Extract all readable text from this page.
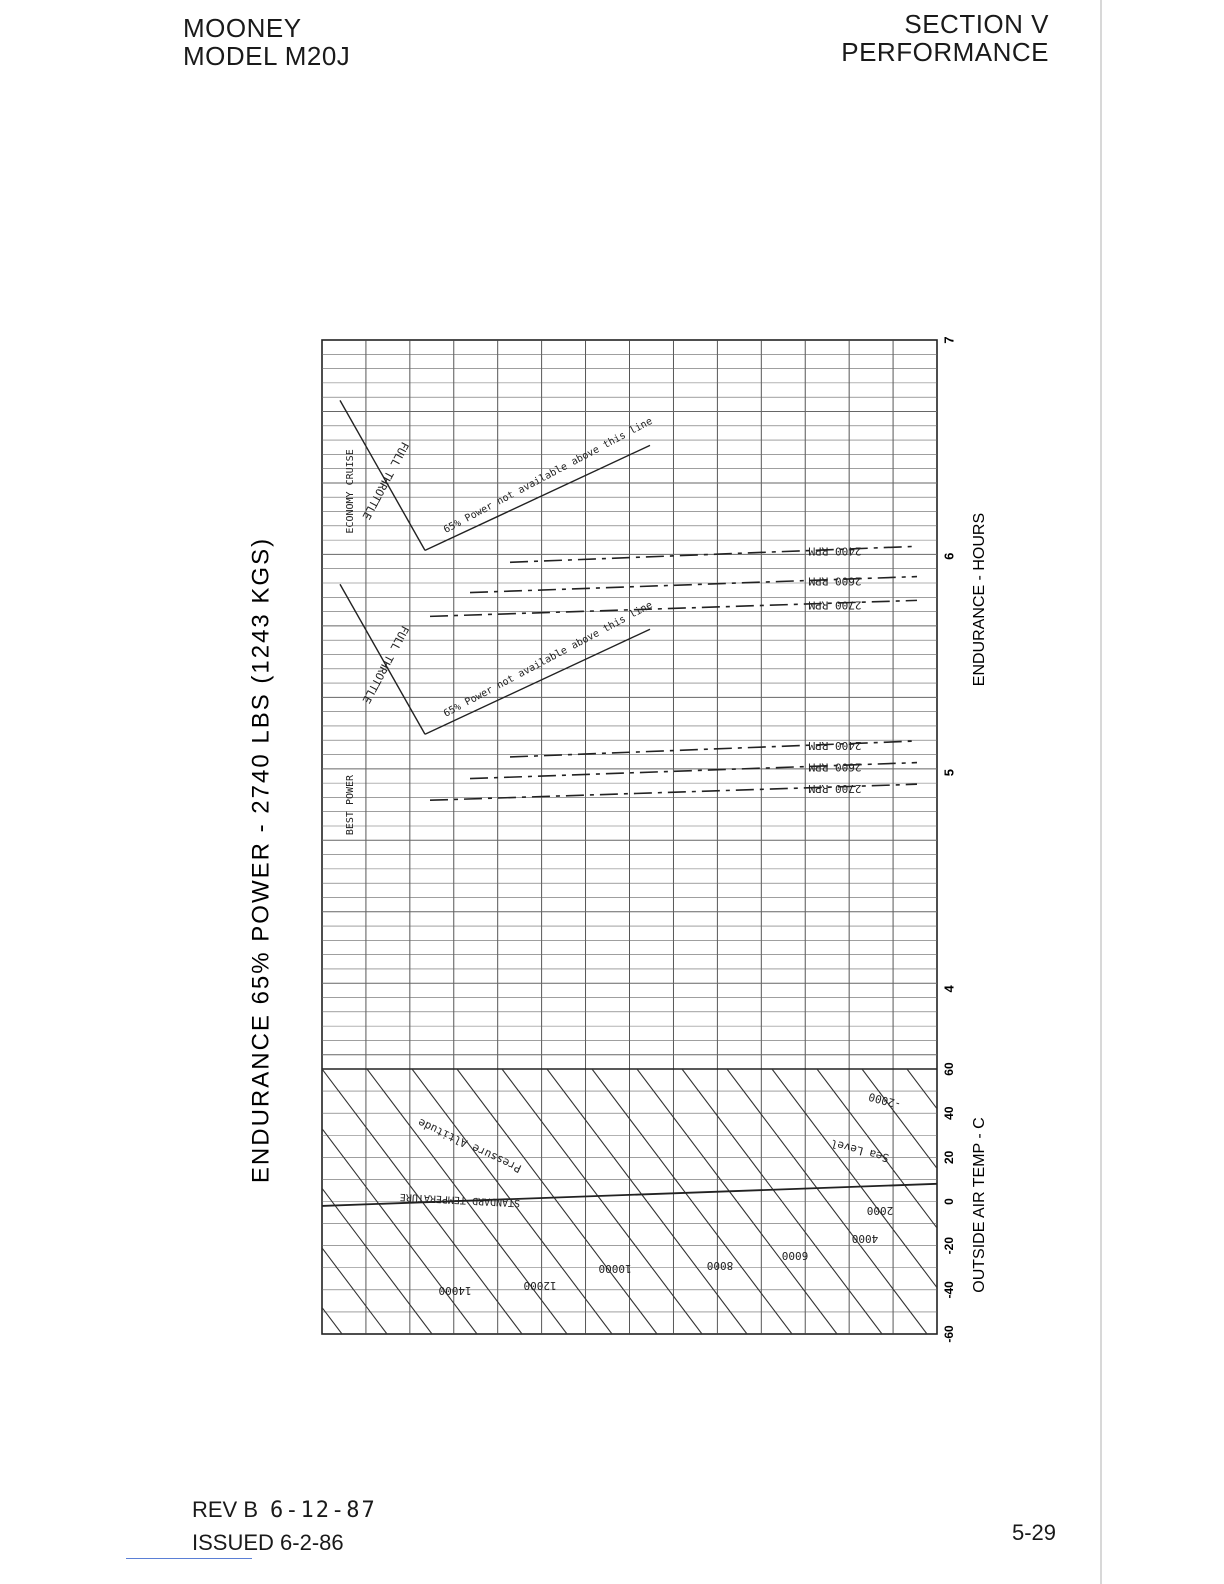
MOONEY
MODEL M20J
SECTION V
PERFORMANCE
4
5
6
7
-60
-40
-20
0
20
40
60
ENDURANCE - HOURS
OUTSIDE AIR TEMP - C
ENDURANCE 65% POWER - 2740 LBS (1243 KGS)	2700 RPM
2600 RPM
2400 RPM
FULL THROTTLE	65% Power not available above this line
BEST POWER
2700 RPM
2600 RPM
2400 RPM
FULL THROTTLE	65% Power not available above this line
ECONOMY CRUISE
Sea Level
-2000
2000
4000
6000
8000
10000
12000
14000
Pressure Altitude
STANDARD TEMPERATURE
REV B 6-12-87
ISSUED 6-2-86	5-29
